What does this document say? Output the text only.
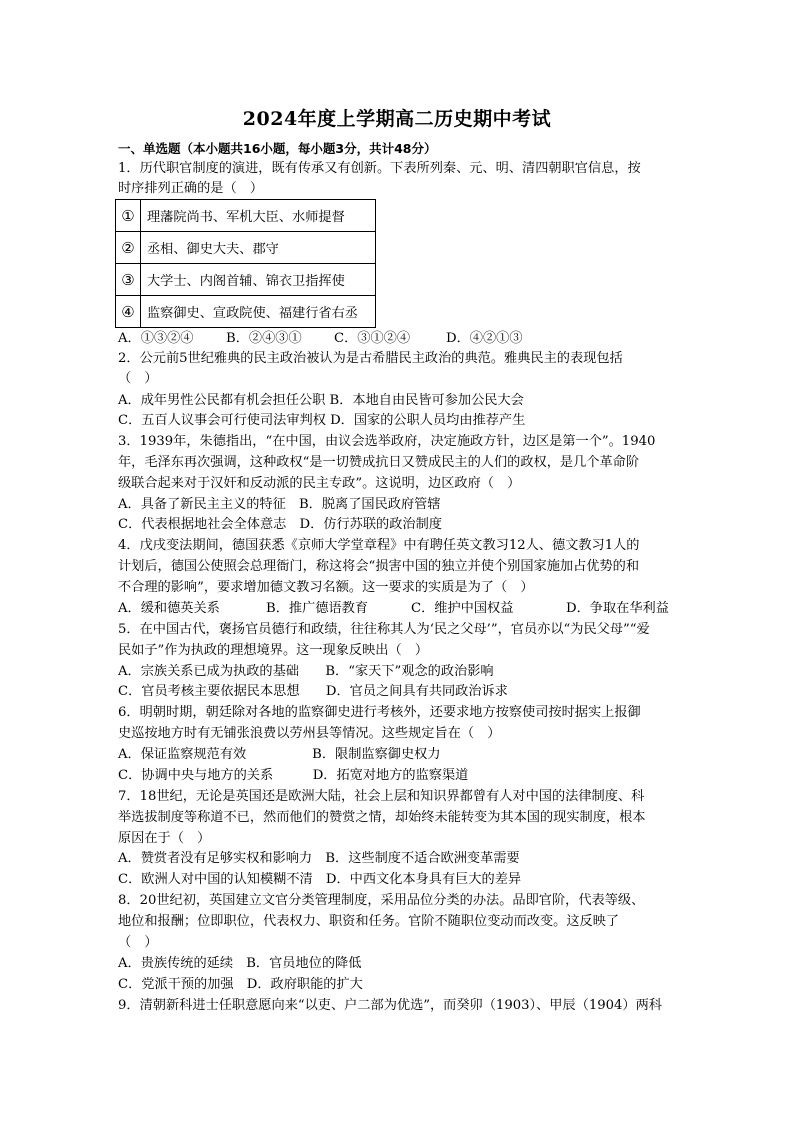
2024年度上学期高二历史期中考试
一、单选题（本小题共16小题，每小题3分，共计48分）
1．历代职官制度的演进，既有传承又有创新。下表所列秦、元、明、清四朝职官信息，按
时序排列正确的是（　）
①	理藩院尚书、军机大臣、水师提督
②	丞相、御史大夫、郡守
③	大学士、内阁首辅、锦衣卫指挥使
④	监察御史、宣政院使、福建行省右丞
A．①③②④ B．②④③① C．③①②④	D．④②①③
2．公元前5世纪雅典的民主政治被认为是古希腊民主政治的典范。雅典民主的表现包括
（　）
A．成年男性公民都有机会担任公职 B．本地自由民皆可参加公民大会
C．五百人议事会可行使司法审判权 D．国家的公职人员均由推荐产生
3．1939年，朱德指出，“在中国，由议会选举政府，决定施政方针，边区是第一个”。1940
年，毛泽东再次强调，这种政权“是一切赞成抗日又赞成民主的人们的政权，是几个革命阶
级联合起来对于汉奸和反动派的民主专政”。这说明，边区政府（　）
A．具备了新民主主义的特征　B．脱离了国民政府管辖
C．代表根据地社会全体意志　D．仿行苏联的政治制度
4．戊戌变法期间，德国获悉《京师大学堂章程》中有聘任英文教习12人、德文教习1人的
计划后，德国公使照会总理衙门，称这将会“损害中国的独立并使个别国家施加占优势的和
不合理的影响”，要求增加德文教习名额。这一要求的实质是为了（　）
A．缓和德英关系	B．推广德语教育	C．维护中国权益	D．争取在华利益
5．在中国古代，褒扬官员德行和政绩，往往称其人为‘民之父母’”，官员亦以“为民父母”“爱
民如子”作为执政的理想境界。这一现象反映出（　）
A．宗族关系已成为执政的基础　　B．“家天下”观念的政治影响
C．官员考核主要依据民本思想　　D．官员之间具有共同政治诉求
6．明朝时期，朝廷除对各地的监察御史进行考核外，还要求地方按察使司按时据实上报御
史巡按地方时有无铺张浪费以劳州县等情况。这些规定旨在（　）
A．保证监察规范有效　　　　　B．限制监察御史权力
C．协调中央与地方的关系　　　D．拓宽对地方的监察渠道
7．18世纪，无论是英国还是欧洲大陆，社会上层和知识界都曾有人对中国的法律制度、科
举选拔制度等称道不已，然而他们的赞赏之情，却始终未能转变为其本国的现实制度，根本
原因在于（　）
A．赞赏者没有足够实权和影响力　B．这些制度不适合欧洲变革需要
C．欧洲人对中国的认知模糊不清　D．中西文化本身具有巨大的差异
8．20世纪初，英国建立文官分类管理制度，采用品位分类的办法。品即官阶，代表等级、
地位和报酬；位即职位，代表权力、职资和任务。官阶不随职位变动而改变。这反映了
（　）
A．贵族传统的延续　B．官员地位的降低
C．党派干预的加强　D．政府职能的扩大
9．清朝新科进士任职意愿向来“以吏、户二部为优选”，而癸卯（1903）、甲辰（1904）两科
